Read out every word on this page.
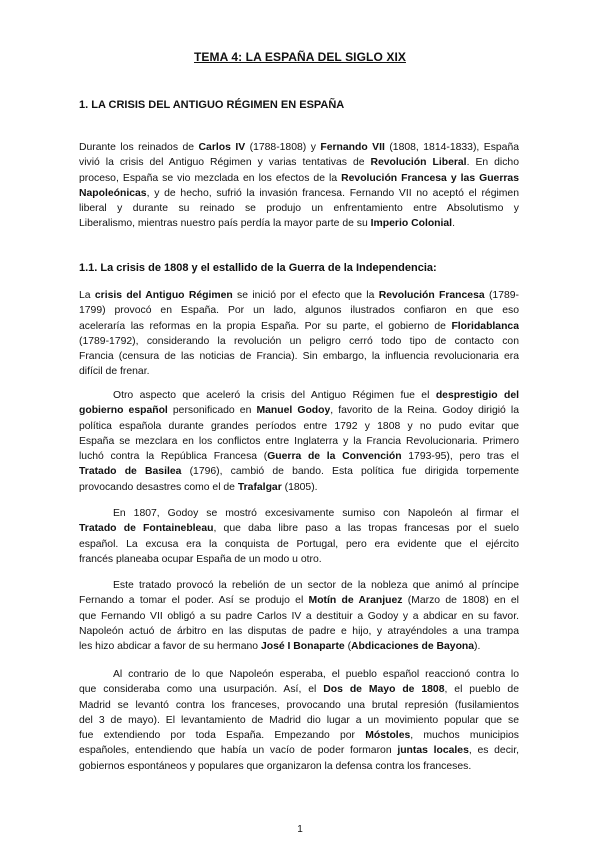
TEMA 4: LA ESPAÑA DEL SIGLO XIX
1. LA CRISIS DEL ANTIGUO RÉGIMEN EN ESPAÑA
Durante los reinados de Carlos IV (1788-1808) y Fernando VII (1808, 1814-1833), España
vivió la crisis del Antiguo Régimen y varias tentativas de Revolución Liberal. En dicho
proceso, España se vio mezclada en los efectos de la Revolución Francesa y las Guerras
Napoleónicas, y de hecho, sufrió la invasión francesa. Fernando VII no aceptó el régimen
liberal y durante su reinado se produjo un enfrentamiento entre Absolutismo y
Liberalismo, mientras nuestro país perdía la mayor parte de su Imperio Colonial.
1.1. La crisis de 1808 y el estallido de la Guerra de la Independencia:
La crisis del Antiguo Régimen se inició por el efecto que la Revolución Francesa (1789-
1799) provocó en España. Por un lado, algunos ilustrados confiaron en que eso
aceleraría las reformas en la propia España. Por su parte, el gobierno de Floridablanca
(1789-1792), considerando la revolución un peligro cerró todo tipo de contacto con
Francia (censura de las noticias de Francia). Sin embargo, la influencia revolucionaria era
difícil de frenar.
Otro aspecto que aceleró la crisis del Antiguo Régimen fue el desprestigio del
gobierno español personificado en Manuel Godoy, favorito de la Reina. Godoy dirigió la
política española durante grandes períodos entre 1792 y 1808 y no pudo evitar que
España se mezclara en los conflictos entre Inglaterra y la Francia Revolucionaria. Primero
luchó contra la República Francesa (Guerra de la Convención 1793-95), pero tras el
Tratado de Basilea (1796), cambió de bando. Esta política fue dirigida torpemente
provocando desastres como el de Trafalgar (1805).
En 1807, Godoy se mostró excesivamente sumiso con Napoleón al firmar el
Tratado de Fontainebleau, que daba libre paso a las tropas francesas por el suelo
español. La excusa era la conquista de Portugal, pero era evidente que el ejército
francés planeaba ocupar España de un modo u otro.
Este tratado provocó la rebelión de un sector de la nobleza que animó al príncipe
Fernando a tomar el poder. Así se produjo el Motín de Aranjuez (Marzo de 1808) en el
que Fernando VII obligó a su padre Carlos IV a destituir a Godoy y a abdicar en su favor.
Napoleón actuó de árbitro en las disputas de padre e hijo, y atrayéndoles a una trampa
les hizo abdicar a favor de su hermano José I Bonaparte (Abdicaciones de Bayona).
Al contrario de lo que Napoleón esperaba, el pueblo español reaccionó contra lo
que consideraba como una usurpación. Así, el Dos de Mayo de 1808, el pueblo de
Madrid se levantó contra los franceses, provocando una brutal represión (fusilamientos
del 3 de mayo). El levantamiento de Madrid dio lugar a un movimiento popular que se
fue extendiendo por toda España. Empezando por Móstoles, muchos municipios
españoles, entendiendo que había un vacío de poder formaron juntas locales, es decir,
gobiernos espontáneos y populares que organizaron la defensa contra los franceses.
1
